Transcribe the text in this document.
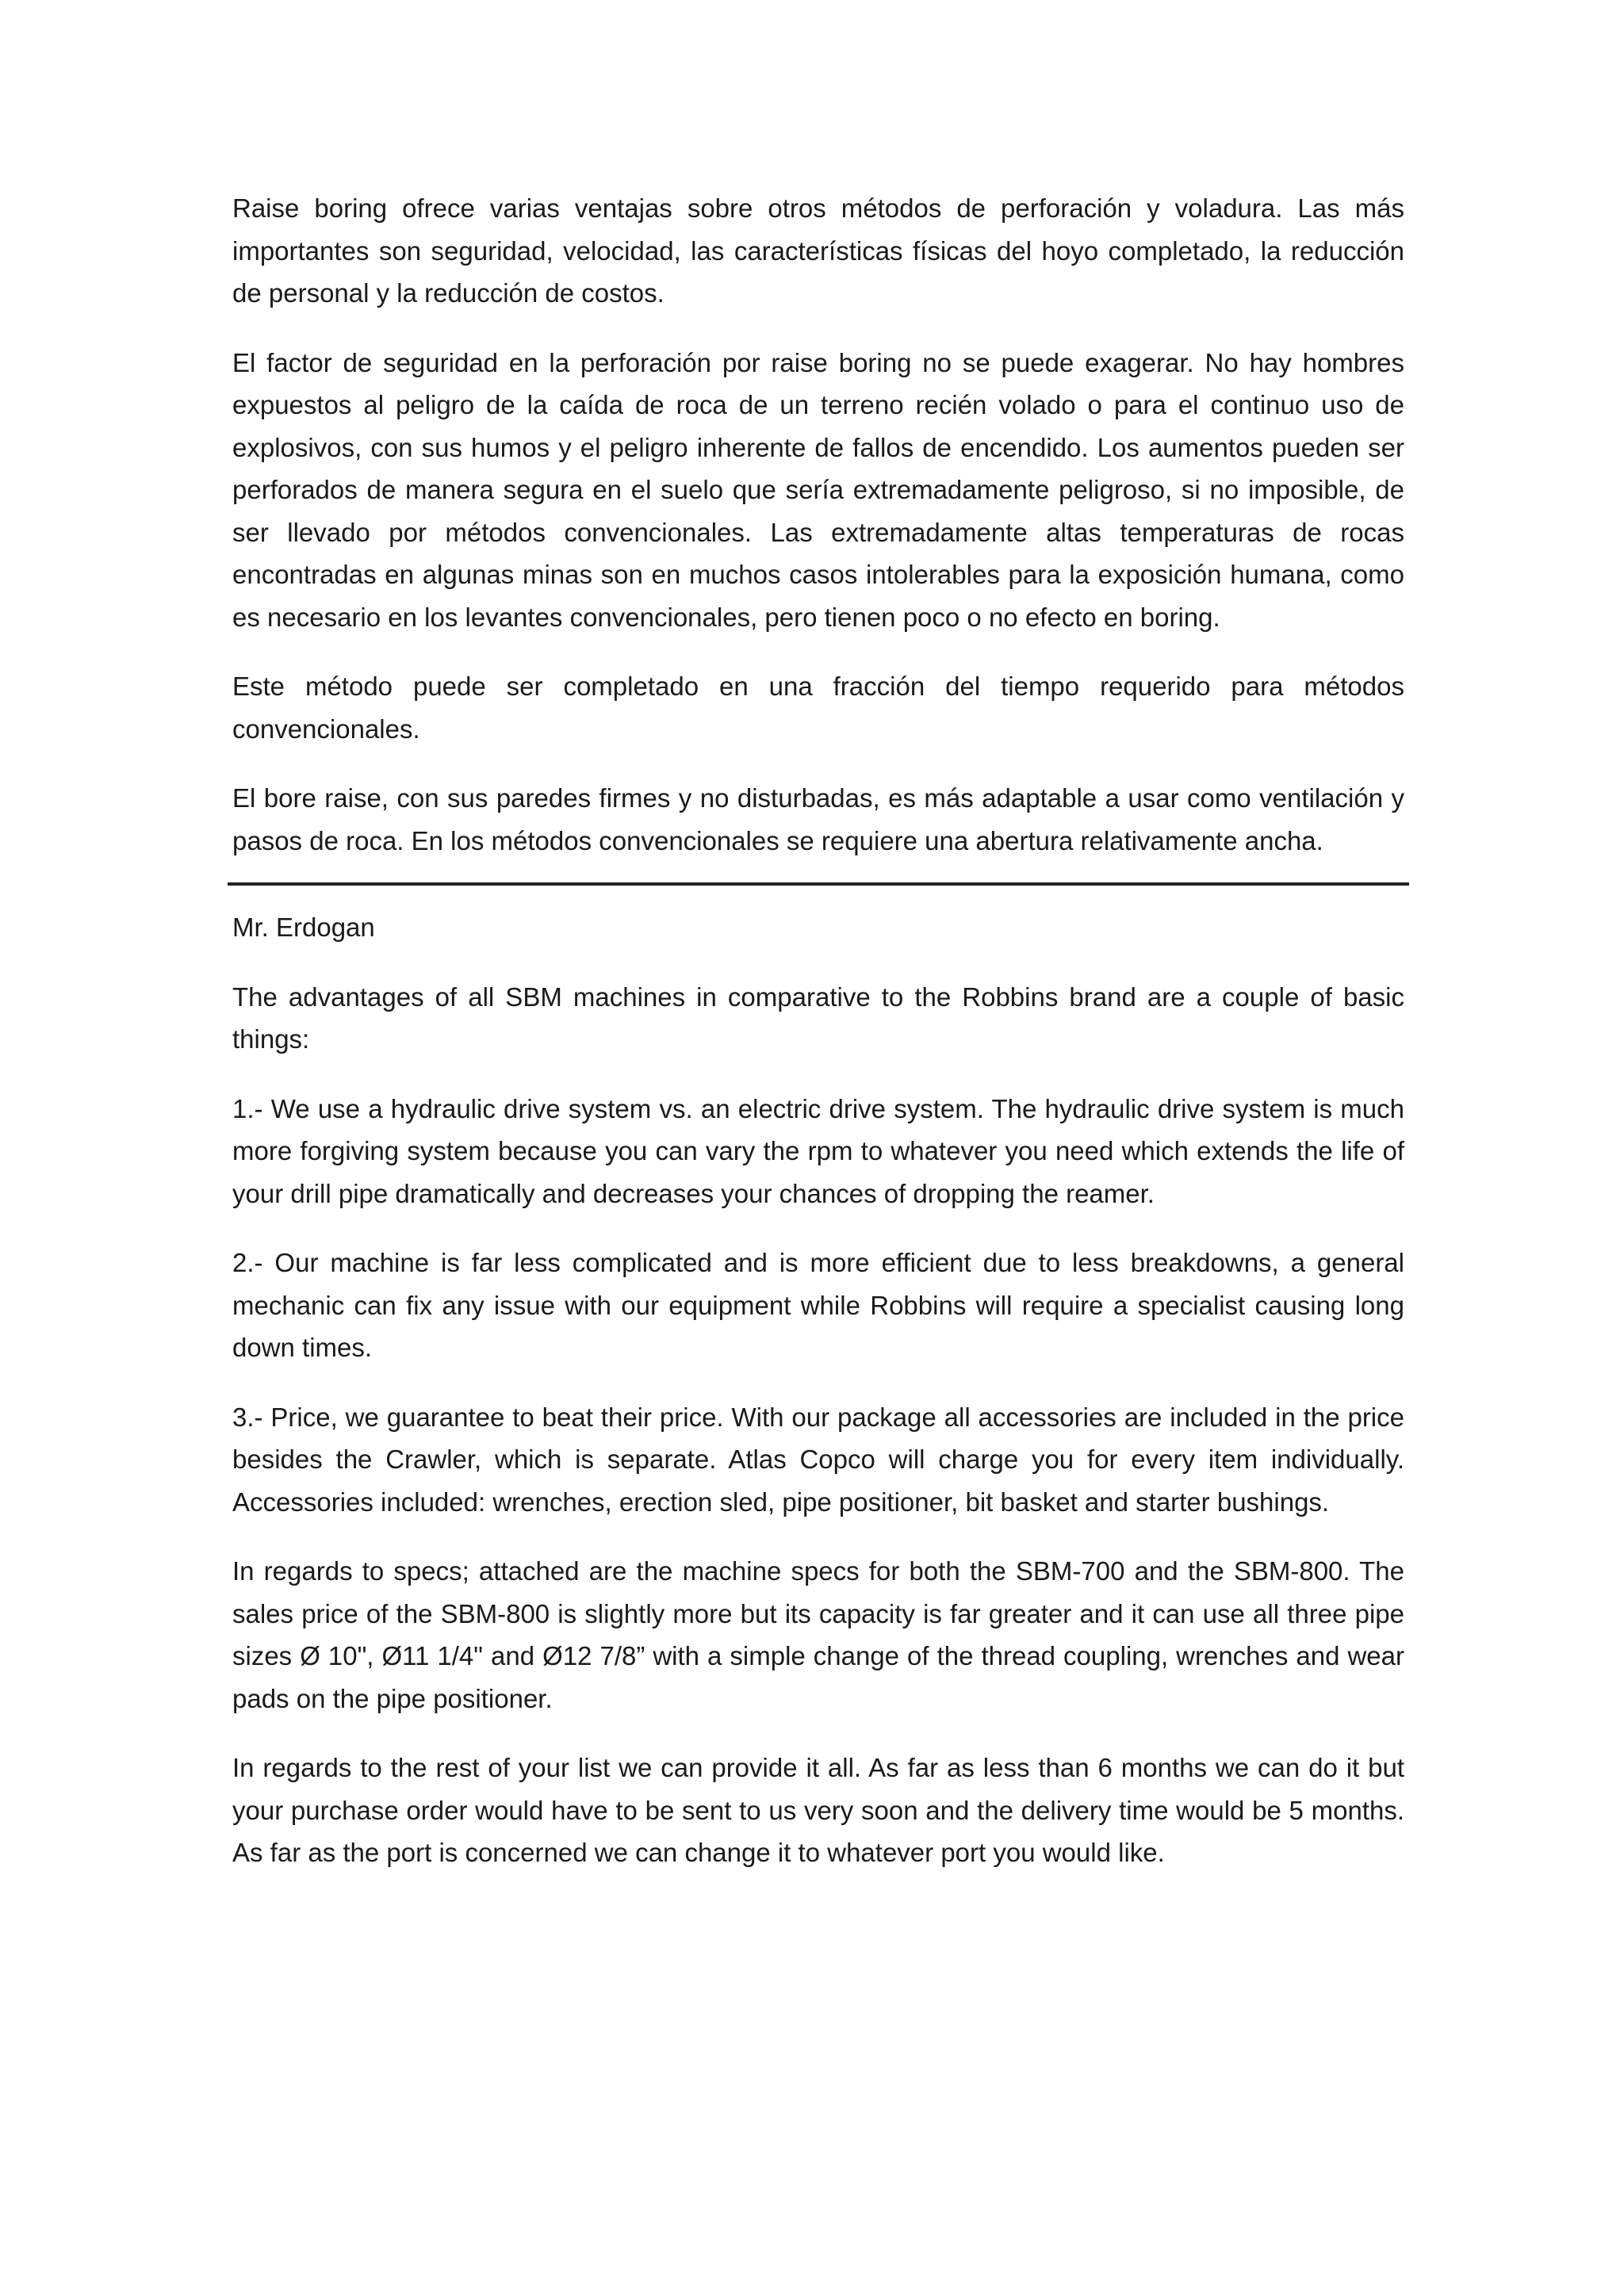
Raise boring ofrece varias ventajas sobre otros métodos de perforación y voladura. Las más importantes son seguridad, velocidad, las características físicas del hoyo completado, la reducción de personal y la reducción de costos.

El factor de seguridad en la perforación por raise boring no se puede exagerar. No hay hombres expuestos al peligro de la caída de roca de un terreno recién volado o para el continuo uso de explosivos, con sus humos y el peligro inherente de fallos de encendido. Los aumentos pueden ser perforados de manera segura en el suelo que sería extremadamente peligroso, si no imposible, de ser llevado por métodos convencionales. Las extremadamente altas temperaturas de rocas encontradas en algunas minas son en muchos casos intolerables para la exposición humana, como es necesario en los levantes convencionales, pero tienen poco o no efecto en boring.

Este método puede ser completado en una fracción del tiempo requerido para métodos convencionales.

El bore raise, con sus paredes firmes y no disturbadas, es más adaptable a usar como ventilación y pasos de roca. En los métodos convencionales se requiere una abertura relativamente ancha.

Mr. Erdogan

The advantages of all SBM machines in comparative to the Robbins brand are a couple of basic things:

1.- We use a hydraulic drive system vs. an electric drive system. The hydraulic drive system is much more forgiving system because you can vary the rpm to whatever you need which extends the life of your drill pipe dramatically and decreases your chances of dropping the reamer.

2.- Our machine is far less complicated and is more efficient due to less breakdowns, a general mechanic can fix any issue with our equipment while Robbins will require a specialist causing long down times.

3.- Price, we guarantee to beat their price. With our package all accessories are included in the price besides the Crawler, which is separate. Atlas Copco will charge you for every item individually. Accessories included: wrenches, erection sled, pipe positioner, bit basket and starter bushings.

In regards to specs; attached are the machine specs for both the SBM-700 and the SBM-800. The sales price of the SBM-800 is slightly more but its capacity is far greater and it can use all three pipe sizes Ø 10", Ø11 1/4" and Ø12 7/8” with a simple change of the thread coupling, wrenches and wear pads on the pipe positioner.

In regards to the rest of your list we can provide it all. As far as less than 6 months we can do it but your purchase order would have to be sent to us very soon and the delivery time would be 5 months. As far as the port is concerned we can change it to whatever port you would like.
